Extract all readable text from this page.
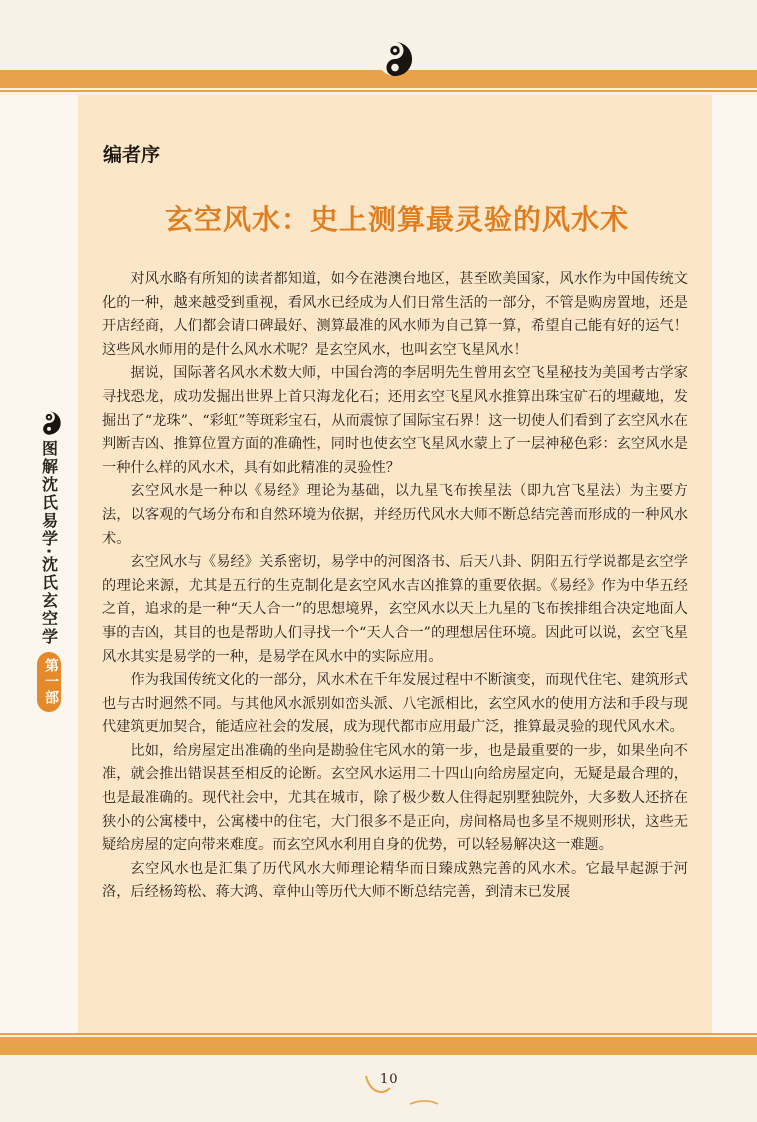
编者序
玄空风水：史上测算最灵验的风水术

对风水略有所知的读者都知道，如今在港澳台地区，甚至欧美国家，风水作为中国传统文化的一种，越来越受到重视，看风水已经成为人们日常生活的一部分，不管是购房置地，还是开店经商，人们都会请口碑最好、测算最准的风水师为自己算一算，希望自己能有好的运气！这些风水师用的是什么风水术呢？是玄空风水，也叫玄空飞星风水！

据说，国际著名风水术数大师，中国台湾的李居明先生曾用玄空飞星秘技为美国考古学家寻找恐龙，成功发掘出世界上首只海龙化石；还用玄空飞星风水推算出珠宝矿石的埋藏地，发掘出了“龙珠”、“彩虹”等斑彩宝石，从而震惊了国际宝石界！这一切使人们看到了玄空风水在判断吉凶、推算位置方面的准确性，同时也使玄空飞星风水蒙上了一层神秘色彩：玄空风水是一种什么样的风水术，具有如此精准的灵验性？

玄空风水是一种以《易经》理论为基础，以九星飞布挨星法（即九宫飞星法）为主要方法，以客观的气场分布和自然环境为依据，并经历代风水大师不断总结完善而形成的一种风水术。

玄空风水与《易经》关系密切，易学中的河图洛书、后天八卦、阴阳五行学说都是玄空学的理论来源，尤其是五行的生克制化是玄空风水吉凶推算的重要依据。《易经》作为中华五经之首，追求的是一种“天人合一”的思想境界，玄空风水以天上九星的飞布挨排组合决定地面人事的吉凶，其目的也是帮助人们寻找一个“天人合一”的理想居住环境。因此可以说，玄空飞星风水其实是易学的一种，是易学在风水中的实际应用。

作为我国传统文化的一部分，风水术在千年发展过程中不断演变，而现代住宅、建筑形式也与古时迥然不同。与其他风水派别如峦头派、八宅派相比，玄空风水的使用方法和手段与现代建筑更加契合，能适应社会的发展，成为现代都市应用最广泛，推算最灵验的现代风水术。

比如，给房屋定出准确的坐向是勘验住宅风水的第一步，也是最重要的一步，如果坐向不准，就会推出错误甚至相反的论断。玄空风水运用二十四山向给房屋定向，无疑是最合理的，也是最准确的。现代社会中，尤其在城市，除了极少数人住得起别墅独院外，大多数人还挤在狭小的公寓楼中，公寓楼中的住宅，大门很多不是正向，房间格局也多呈不规则形状，这些无疑给房屋的定向带来难度。而玄空风水利用自身的优势，可以轻易解决这一难题。

玄空风水也是汇集了历代风水大师理论精华而日臻成熟完善的风水术。它最早起源于河洛，后经杨筠松、蒋大鸿、章仲山等历代大师不断总结完善，到清末已发展

图解沈氏易学·沈氏玄空学
第一部
10
